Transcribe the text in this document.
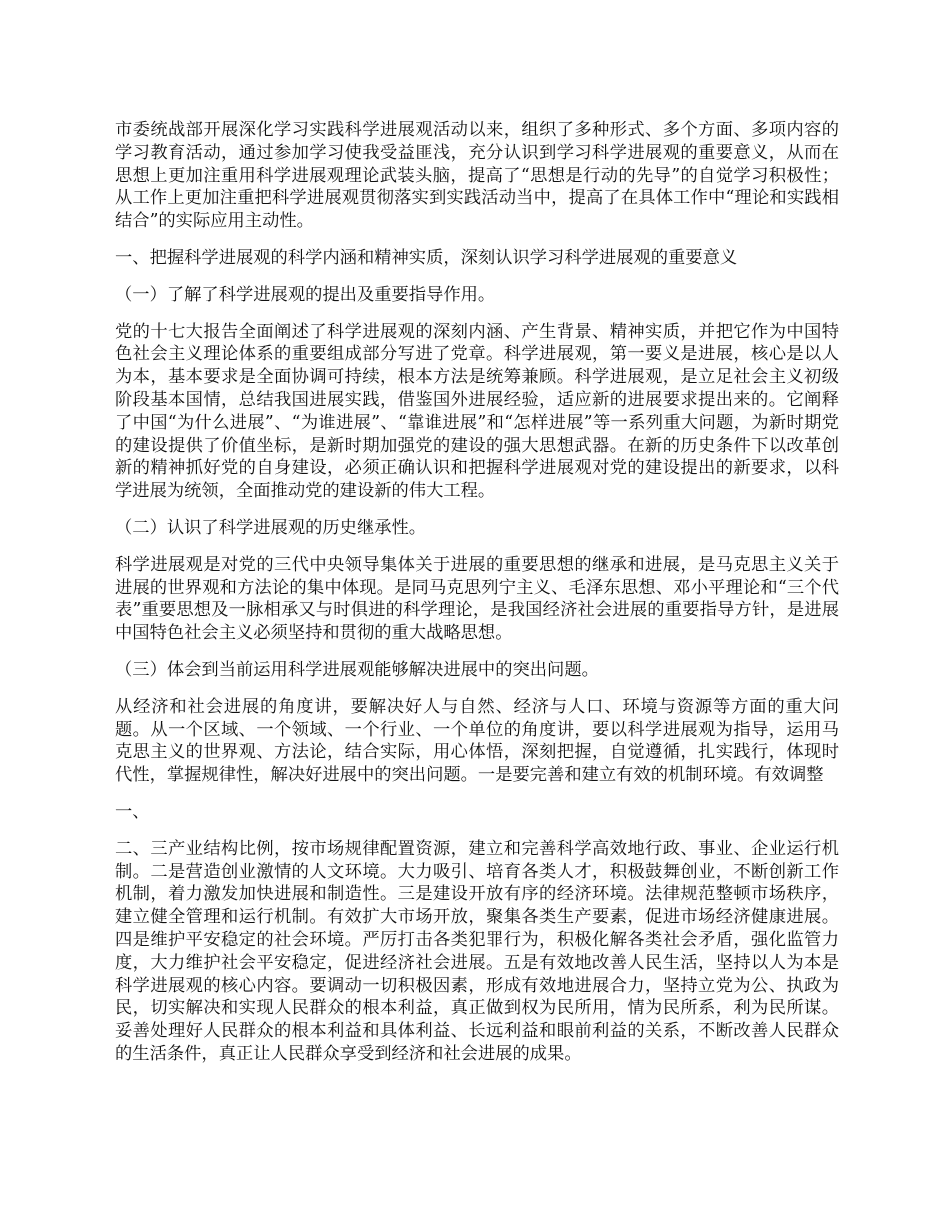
市委统战部开展深化学习实践科学进展观活动以来，组织了多种形式、多个方面、多项内容的学习教育活动，通过参加学习使我受益匪浅，充分认识到学习科学进展观的重要意义，从而在思想上更加注重用科学进展观理论武装头脑，提高了“思想是行动的先导”的自觉学习积极性；从工作上更加注重把科学进展观贯彻落实到实践活动当中，提高了在具体工作中“理论和实践相结合”的实际应用主动性。

一、把握科学进展观的科学内涵和精神实质，深刻认识学习科学进展观的重要意义

（一）了解了科学进展观的提出及重要指导作用。

党的十七大报告全面阐述了科学进展观的深刻内涵、产生背景、精神实质，并把它作为中国特色社会主义理论体系的重要组成部分写进了党章。科学进展观，第一要义是进展，核心是以人为本，基本要求是全面协调可持续，根本方法是统筹兼顾。科学进展观，是立足社会主义初级阶段基本国情，总结我国进展实践，借鉴国外进展经验，适应新的进展要求提出来的。它阐释了中国“为什么进展”、“为谁进展”、“靠谁进展”和“怎样进展”等一系列重大问题，为新时期党的建设提供了价值坐标，是新时期加强党的建设的强大思想武器。在新的历史条件下以改革创新的精神抓好党的自身建设，必须正确认识和把握科学进展观对党的建设提出的新要求，以科学进展为统领，全面推动党的建设新的伟大工程。

（二）认识了科学进展观的历史继承性。

科学进展观是对党的三代中央领导集体关于进展的重要思想的继承和进展，是马克思主义关于进展的世界观和方法论的集中体现。是同马克思列宁主义、毛泽东思想、邓小平理论和“三个代表”重要思想及一脉相承又与时俱进的科学理论，是我国经济社会进展的重要指导方针，是进展中国特色社会主义必须坚持和贯彻的重大战略思想。

（三）体会到当前运用科学进展观能够解决进展中的突出问题。

从经济和社会进展的角度讲，要解决好人与自然、经济与人口、环境与资源等方面的重大问题。从一个区域、一个领域、一个行业、一个单位的角度讲，要以科学进展观为指导，运用马克思主义的世界观、方法论，结合实际，用心体悟，深刻把握，自觉遵循，扎实践行，体现时代性，掌握规律性，解决好进展中的突出问题。一是要完善和建立有效的机制环境。有效调整

一、

二、三产业结构比例，按市场规律配置资源，建立和完善科学高效地行政、事业、企业运行机制。二是营造创业激情的人文环境。大力吸引、培育各类人才，积极鼓舞创业，不断创新工作机制，着力激发加快进展和制造性。三是建设开放有序的经济环境。法律规范整顿市场秩序，建立健全管理和运行机制。有效扩大市场开放，聚集各类生产要素，促进市场经济健康进展。四是维护平安稳定的社会环境。严厉打击各类犯罪行为，积极化解各类社会矛盾，强化监管力度，大力维护社会平安稳定，促进经济社会进展。五是有效地改善人民生活，坚持以人为本是科学进展观的核心内容。要调动一切积极因素，形成有效地进展合力，坚持立党为公、执政为民，切实解决和实现人民群众的根本利益，真正做到权为民所用，情为民所系，利为民所谋。妥善处理好人民群众的根本利益和具体利益、长远利益和眼前利益的关系，不断改善人民群众的生活条件，真正让人民群众享受到经济和社会进展的成果。
